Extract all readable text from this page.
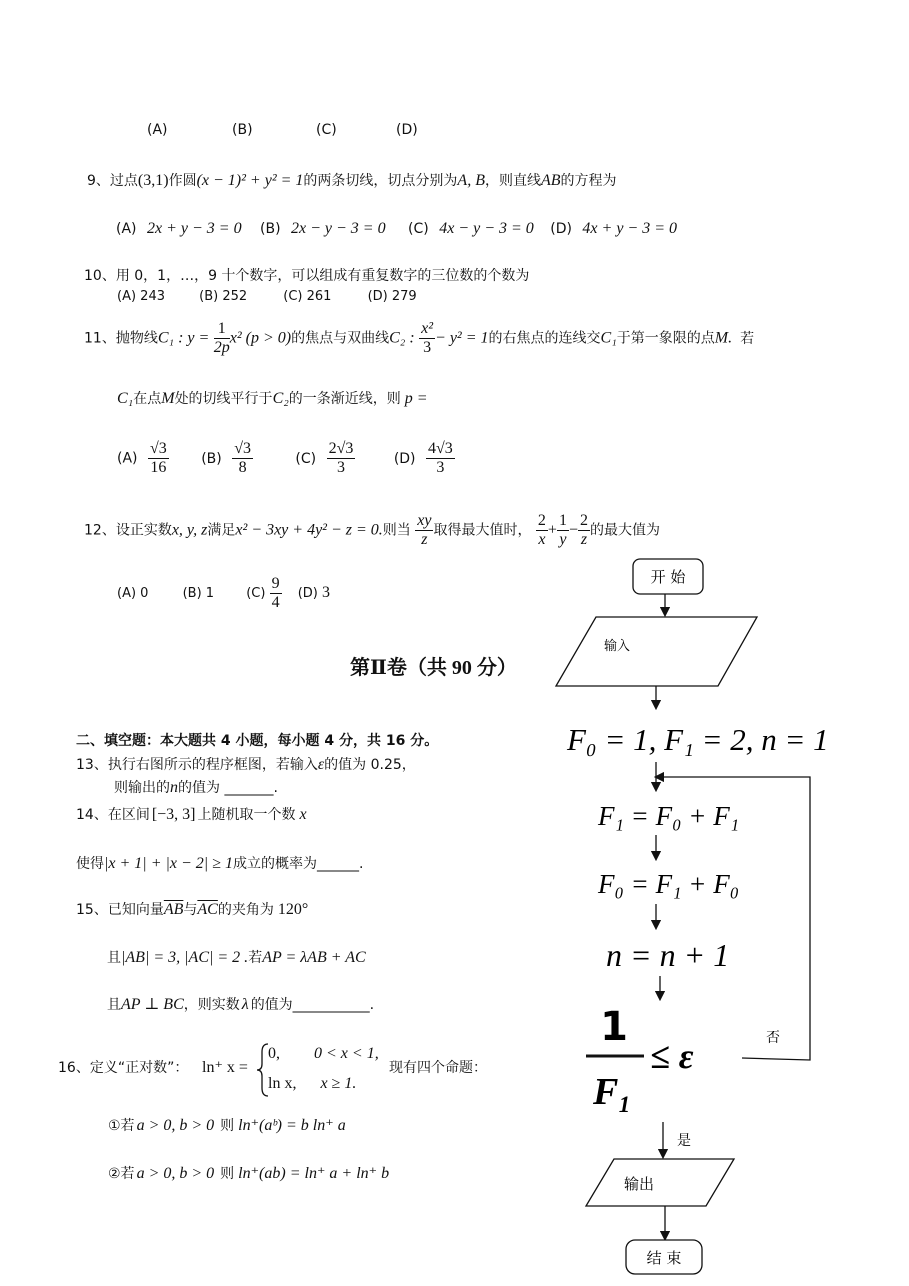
(A)	(B)	(C)	(D)
9、过点(3,1)作圆(x − 1)² + y² = 1的两条切线，切点分别为A, B，则直线AB的方程为
(A) 2x + y − 3 = 0 (B) 2x − y − 3 = 0 (C) 4x − y − 3 = 0 (D) 4x + y − 3 = 0
10、用 0，1，…，9 十个数字，可以组成有重复数字的三位数的个数为
(A) 243	(B) 252	(C) 261	(D) 279
11、抛物线C₁ : $y = \frac{1}{2p} x^2$ (p > 0)的焦点与双曲线C₂ : $\frac{\text{x²}}{3} - y^2 = 1$的右焦点的连线交C₁于第一象限的点M. 若
C₁在点M处的切线平行于C₂的一条渐近线，则 p =
$(A) \frac{√3}{16} (B) \frac{√3}{8}$	$(C) \frac{2√3}{3}$	$(D) \frac{4√3}{3}$
12、设正实数x, y, z满足x² − 3xy + 4y² − z = 0.则当 $\frac{xy}{z}$ 取得最大值时， $\frac{2}{x} + \frac{1}{y} - \frac{2}{z}$ 的最大值为
(A) 0	(B) 1 $(C) \frac{9}{4} (D)$ 3
第Ⅱ卷（共 90 分）
二、填空题：本大题共 4 小题，每小题 4 分，共 16 分。
13、执行右图所示的程序框图，若输入ε的值为 0.25，
则输出的n的值为 _______.
14、在区间 [−3, 3] 上随机取一个数 x
使得|x + 1| + |x − 2| ≥ 1成立的概率为______.
15、已知向量$\overline{AB}$与$\overline{AC}$的夹角为 120°
且|AB| = 3, |AC| = 2 .若AP = λAB + AC
且AP ⊥ BC，则实数 λ 的值为___________.
16、定义“正对数”： ln⁺ x =
0, 0 < x < 1,
ln x, x ≥ 1.
现有四个命题：
①若 a > 0, b > 0 则 ln⁺(aᵇ) = b ln⁺ a
②若 a > 0, b > 0 则 ln⁺(ab) = ln⁺ a + ln⁺ b
开 始
输入
F₀ = 1, F₁ = 2, n = 1
F₁ = F₀ + F₁
F₀ = F₁ + F₀
n = n + 1
1
F₁
≤ ε	否
是
输出
结 束
